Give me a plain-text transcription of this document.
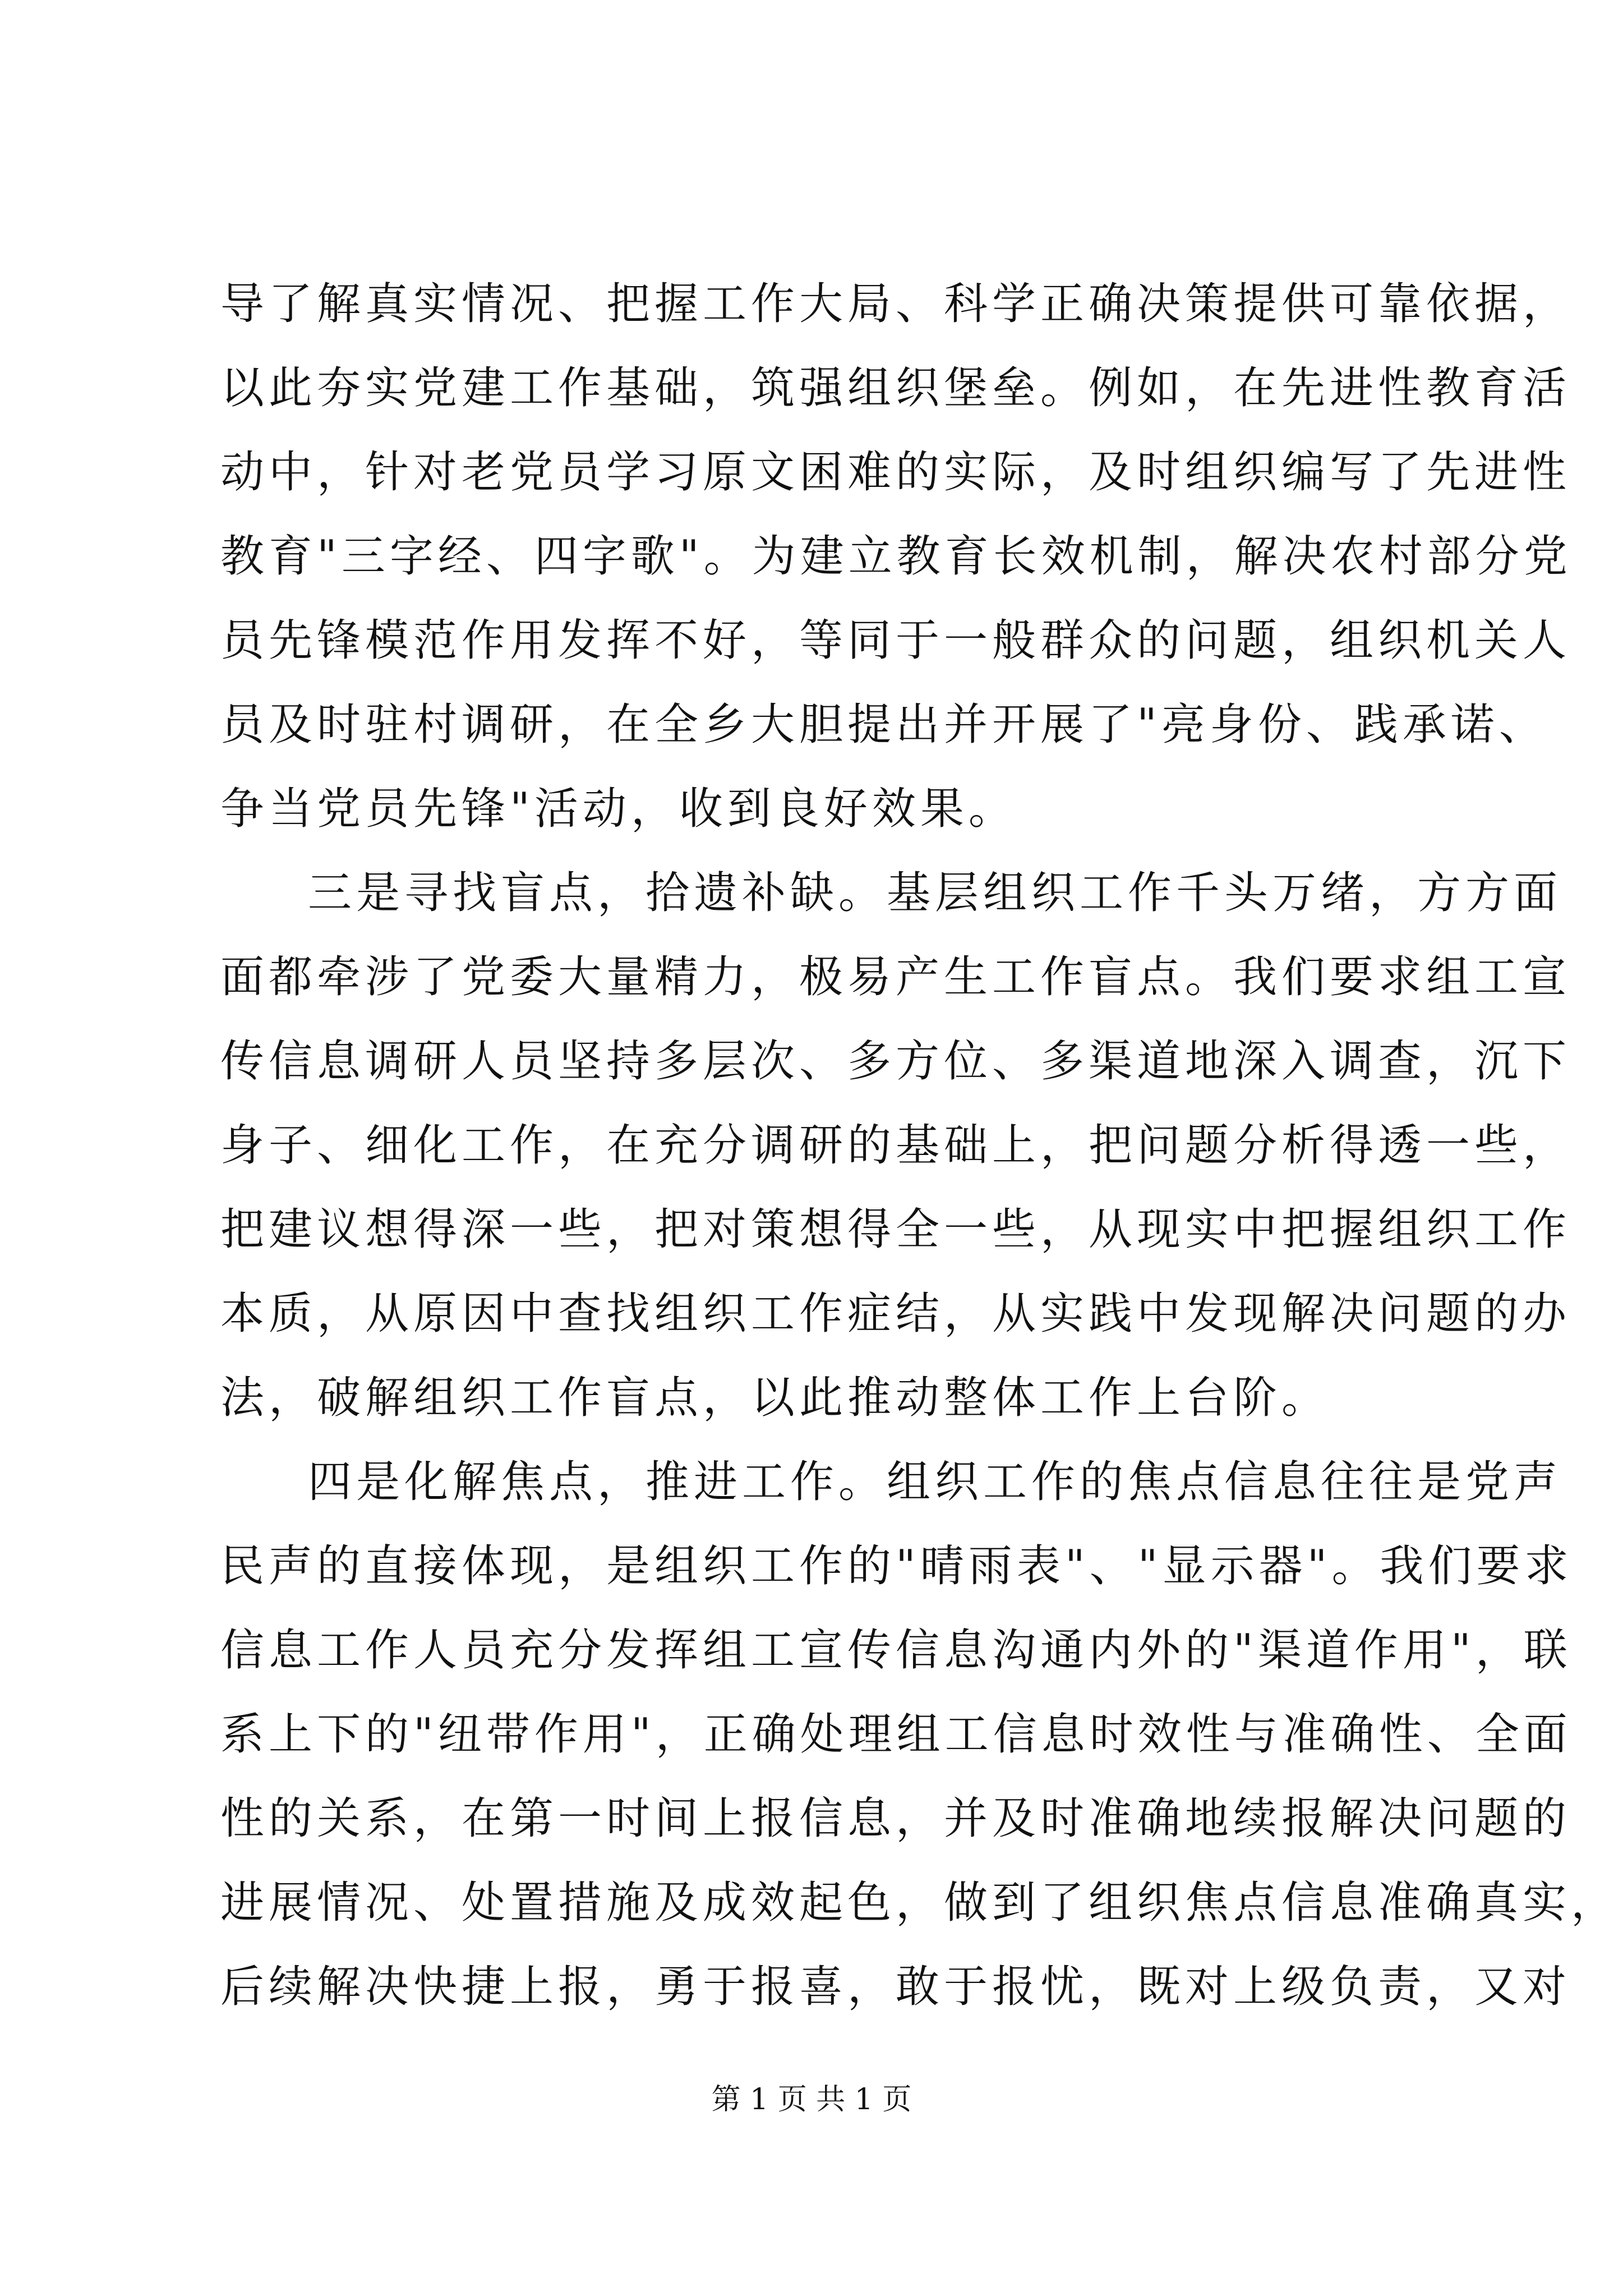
导了解真实情况、把握工作大局、科学正确决策提供可靠依据，
以此夯实党建工作基础，筑强组织堡垒。例如，在先进性教育活
动中，针对老党员学习原文困难的实际，及时组织编写了先进性
教育"三字经、四字歌"。为建立教育长效机制，解决农村部分党
员先锋模范作用发挥不好，等同于一般群众的问题，组织机关人
员及时驻村调研，在全乡大胆提出并开展了"亮身份、践承诺、
争当党员先锋"活动，收到良好效果。
三是寻找盲点，拾遗补缺。基层组织工作千头万绪，方方面
面都牵涉了党委大量精力，极易产生工作盲点。我们要求组工宣
传信息调研人员坚持多层次、多方位、多渠道地深入调查，沉下
身子、细化工作，在充分调研的基础上，把问题分析得透一些，
把建议想得深一些，把对策想得全一些，从现实中把握组织工作
本质，从原因中查找组织工作症结，从实践中发现解决问题的办
法，破解组织工作盲点，以此推动整体工作上台阶。
四是化解焦点，推进工作。组织工作的焦点信息往往是党声
民声的直接体现，是组织工作的"晴雨表"、"显示器"。我们要求
信息工作人员充分发挥组工宣传信息沟通内外的"渠道作用"，联
系上下的"纽带作用"，正确处理组工信息时效性与准确性、全面
性的关系，在第一时间上报信息，并及时准确地续报解决问题的
进展情况、处置措施及成效起色，做到了组织焦点信息准确真实，
后续解决快捷上报，勇于报喜，敢于报忧，既对上级负责，又对
第 1 页 共 1 页
